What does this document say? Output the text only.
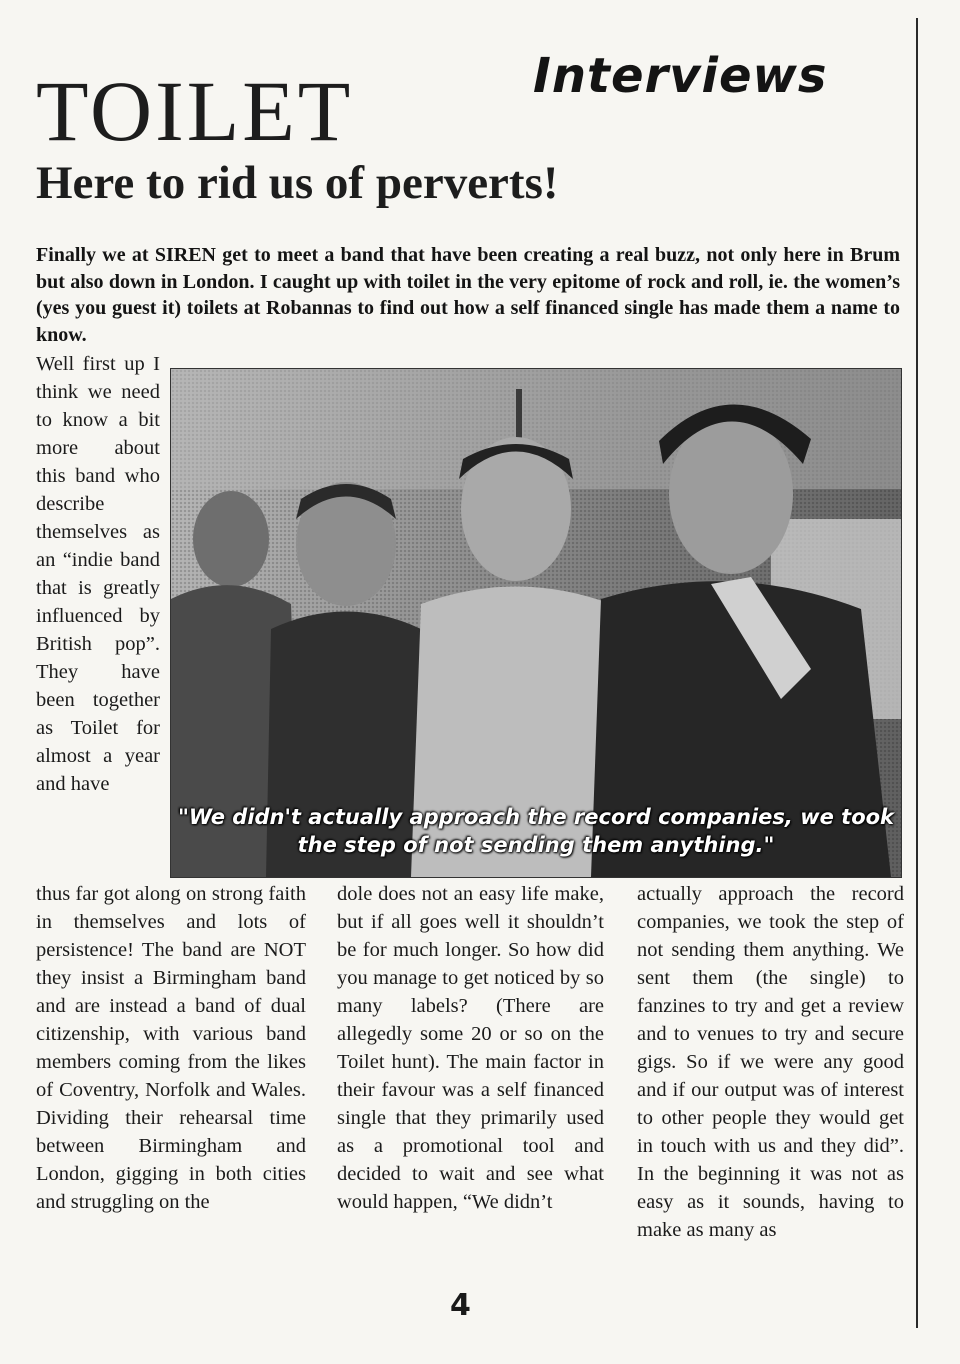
Interviews
TOILET
Here to rid us of perverts!

Finally we at SIREN get to meet a band that have been creating a real buzz, not only here in Brum but also down in London. I caught up with toilet in the very epitome of rock and roll, ie. the women’s (yes you guest it) toilets at Robannas to find out how a self financed single has made them a name to know.

Well first up I think we need to know a bit more about this band who describe themselves as an “indie band that is greatly influenced by British pop”. They have been together as Toilet for almost a year and have

"We didn't actually approach the record companies, we took the step of not sending them anything."

thus far got along on strong faith in themselves and lots of persistence! The band are NOT they insist a Birmingham band and are instead a band of dual citizenship, with various band members coming from the likes of Coventry, Norfolk and Wales. Dividing their rehearsal time between Birmingham and London, gigging in both cities and struggling on the

dole does not an easy life make, but if all goes well it shouldn’t be for much longer. So how did you manage to get noticed by so many labels? (There are allegedly some 20 or so on the Toilet hunt). The main factor in their favour was a self financed single that they primarily used as a promotional tool and decided to wait and see what would happen, “We didn’t

actually approach the record companies, we took the step of not sending them anything. We sent them (the single) to fanzines to try and get a review and to venues to try and secure gigs. So if we were any good and if our output was of interest to other people they would get in touch with us and they did”. In the beginning it was not as easy as it sounds, having to make as many as

4
